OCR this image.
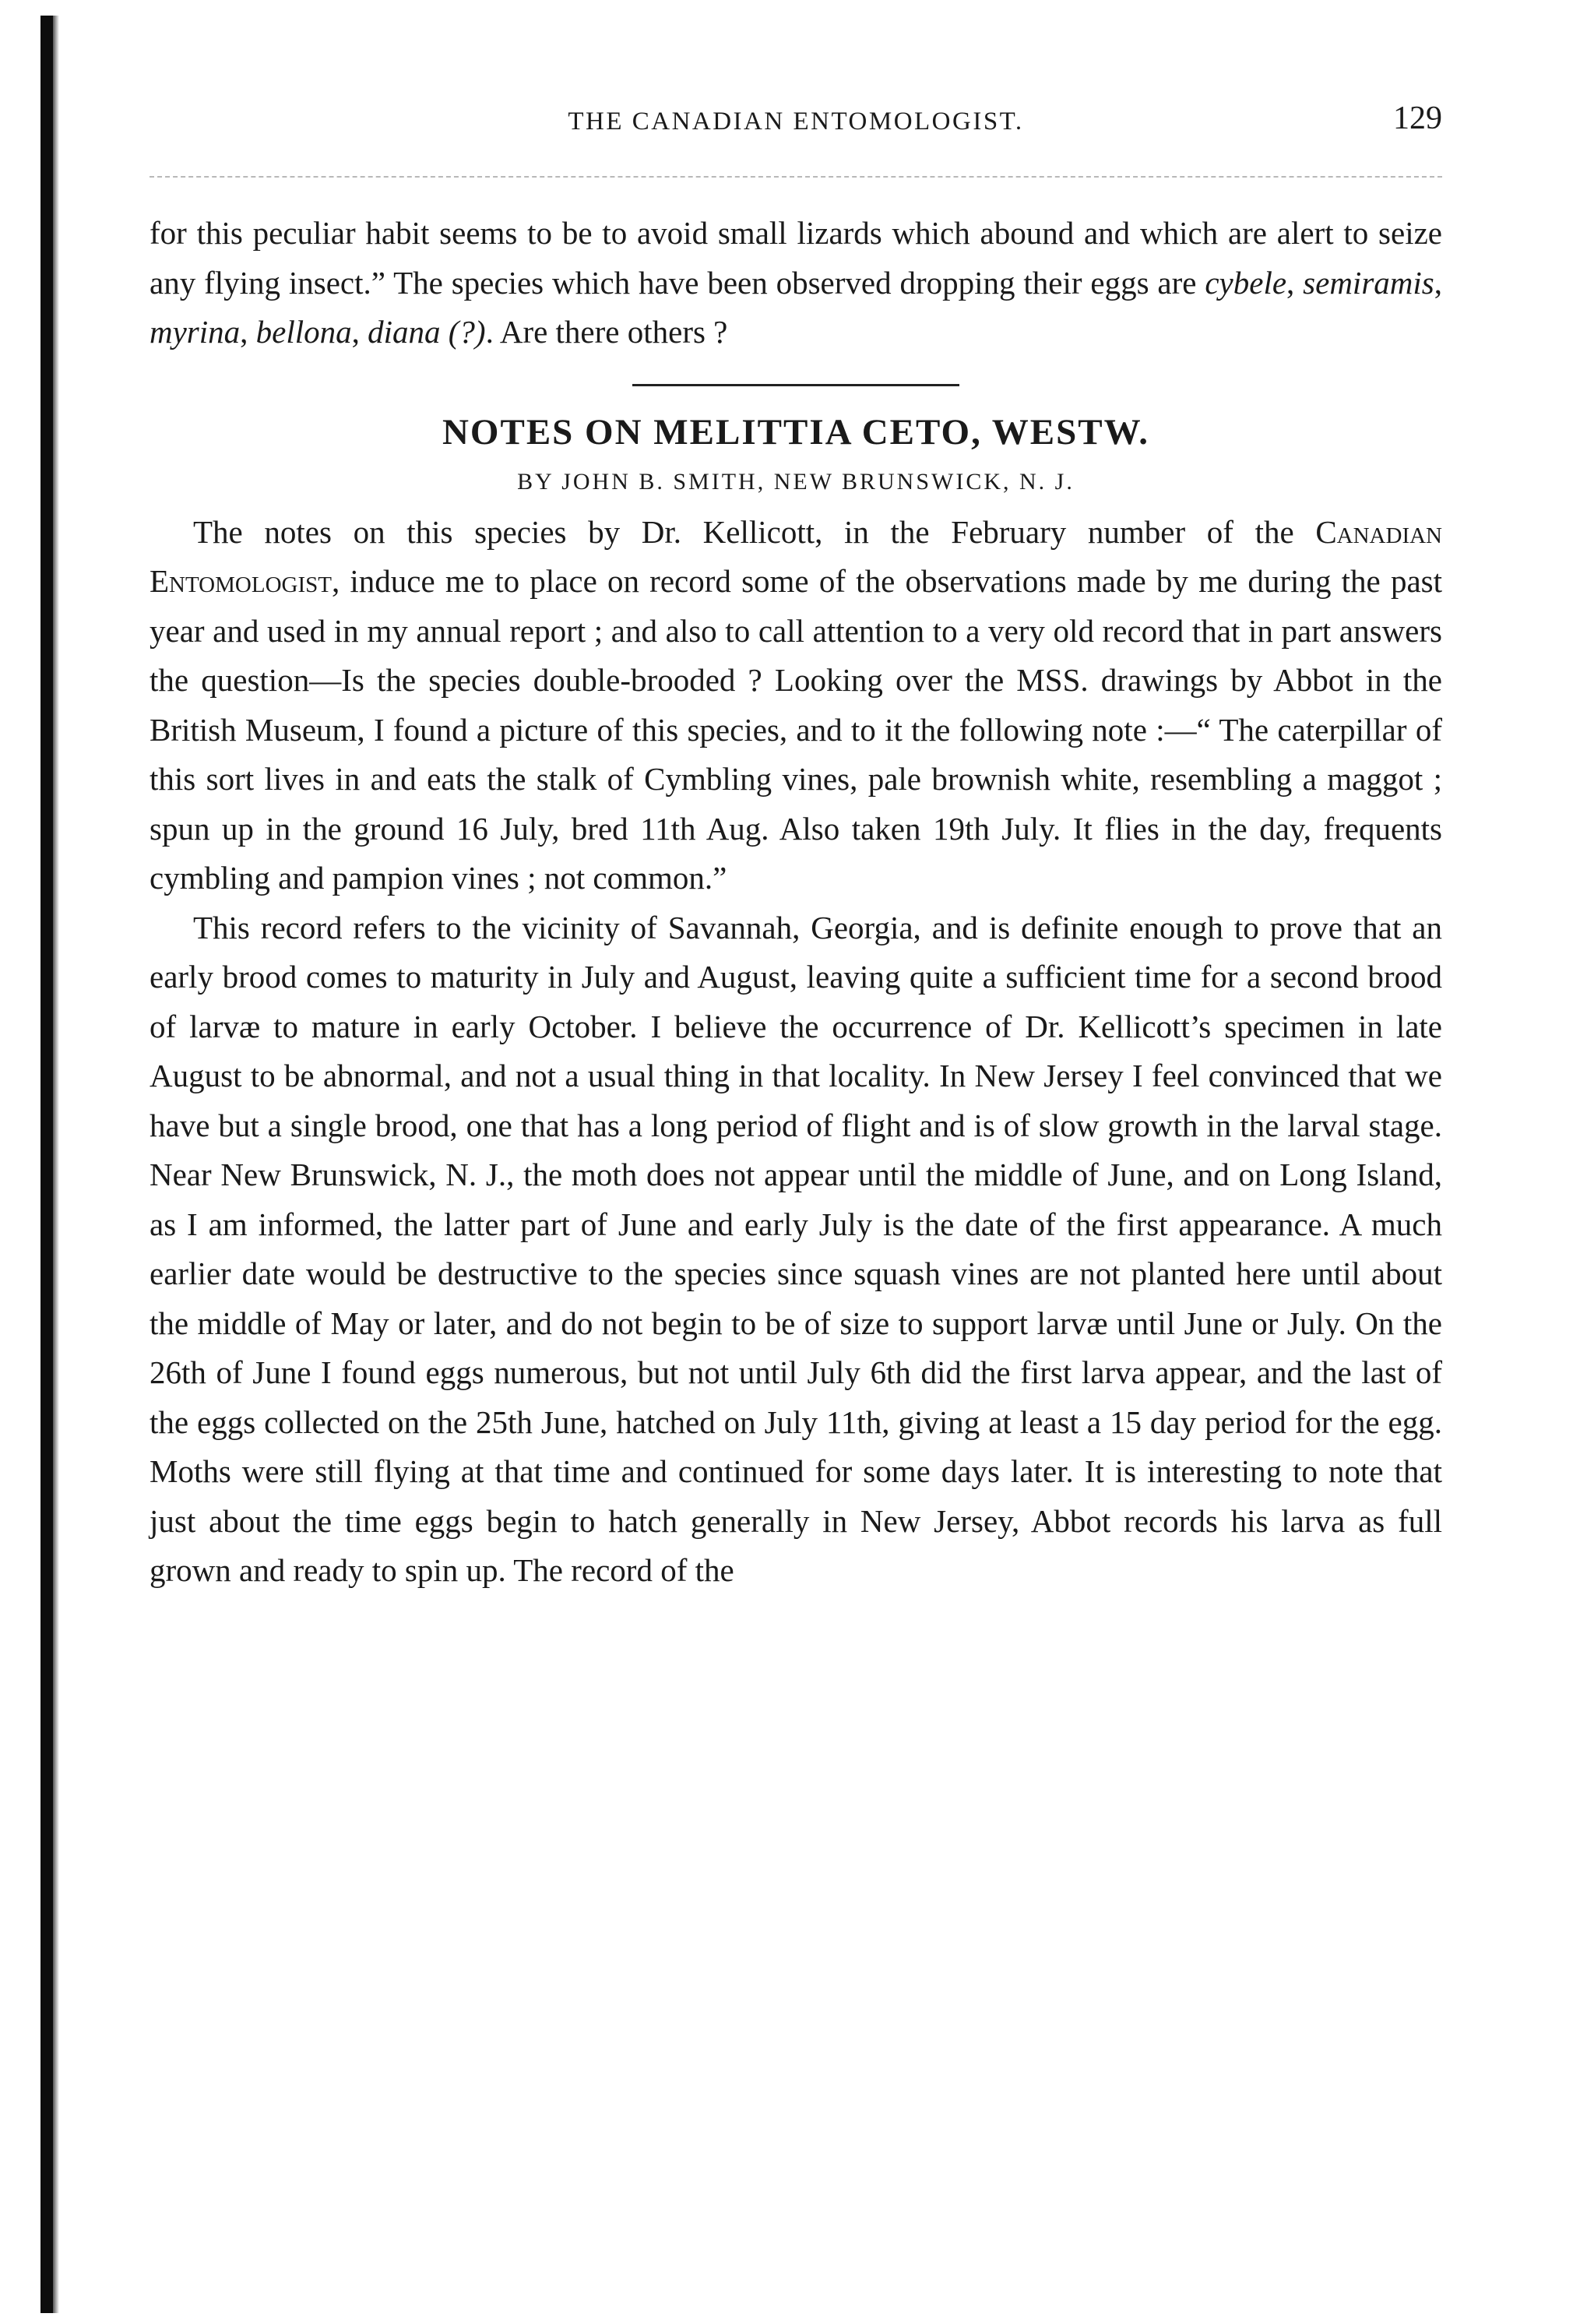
THE CANADIAN ENTOMOLOGIST.	129

for this peculiar habit seems to be to avoid small lizards which abound and which are alert to seize any flying insect.” The species which have been observed dropping their eggs are cybele, semiramis, myrina, bellona, diana (?). Are there others ?

NOTES ON MELITTIA CETO, WESTW.
BY JOHN B. SMITH, NEW BRUNSWICK, N. J.

The notes on this species by Dr. Kellicott, in the February number of the Canadian Entomologist, induce me to place on record some of the observations made by me during the past year and used in my annual report ; and also to call attention to a very old record that in part answers the question—Is the species double-brooded ? Looking over the MSS. drawings by Abbot in the British Museum, I found a picture of this species, and to it the following note :—“ The caterpillar of this sort lives in and eats the stalk of Cymbling vines, pale brownish white, resembling a maggot ; spun up in the ground 16 July, bred 11th Aug. Also taken 19th July. It flies in the day, frequents cymbling and pampion vines ; not common.”

This record refers to the vicinity of Savannah, Georgia, and is definite enough to prove that an early brood comes to maturity in July and August, leaving quite a sufficient time for a second brood of larvæ to mature in early October. I believe the occurrence of Dr. Kellicott’s specimen in late August to be abnormal, and not a usual thing in that locality. In New Jersey I feel convinced that we have but a single brood, one that has a long period of flight and is of slow growth in the larval stage. Near New Brunswick, N. J., the moth does not appear until the middle of June, and on Long Island, as I am informed, the latter part of June and early July is the date of the first appearance. A much earlier date would be destructive to the species since squash vines are not planted here until about the middle of May or later, and do not begin to be of size to support larvæ until June or July. On the 26th of June I found eggs numerous, but not until July 6th did the first larva appear, and the last of the eggs collected on the 25th June, hatched on July 11th, giving at least a 15 day period for the egg. Moths were still flying at that time and continued for some days later. It is interesting to note that just about the time eggs begin to hatch generally in New Jersey, Abbot records his larva as full grown and ready to spin up. The record of the
